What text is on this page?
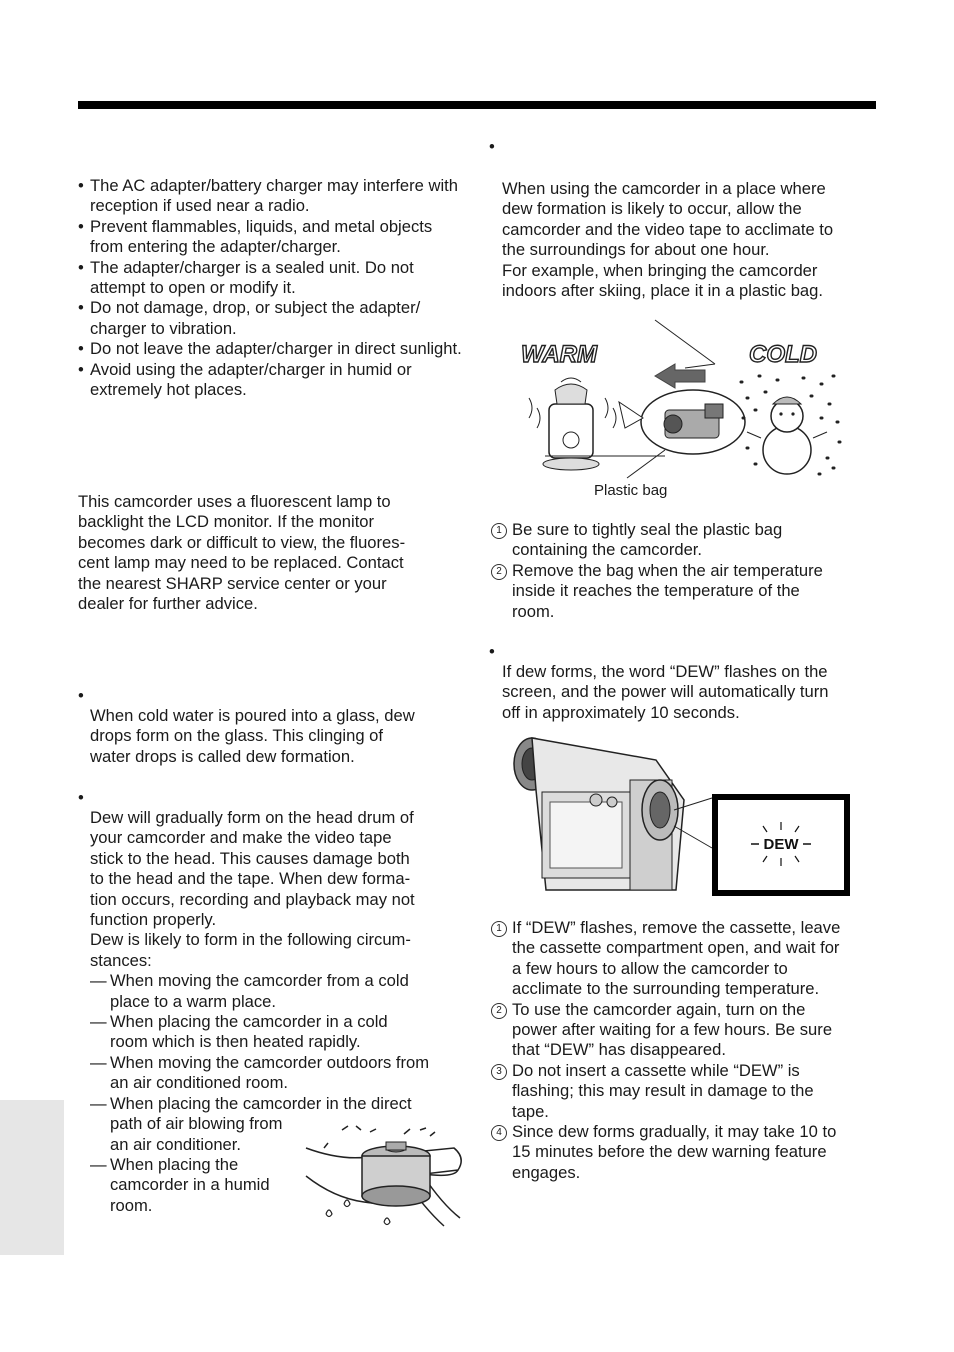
• The AC adapter/battery charger may interfere with reception if used near a radio.
• Prevent flammables, liquids, and metal objects from entering the adapter/charger.
• The adapter/charger is a sealed unit. Do not attempt to open or modify it.
• Do not damage, drop, or subject the adapter/ charger to vibration.
• Do not leave the adapter/charger in direct sunlight.
• Avoid using the adapter/charger in humid or extremely hot places.
This camcorder uses a fluorescent lamp to
backlight the LCD monitor. If the monitor
becomes dark or difficult to view, the fluores-
cent lamp may need to be replaced. Contact
the nearest SHARP service center or your
dealer for further advice.
•
When cold water is poured into a glass, dew
drops form on the glass. This clinging of
water drops is called dew formation.
•
Dew will gradually form on the head drum of
your camcorder and make the video tape
stick to the head. This causes damage both
to the head and the tape. When dew forma-
tion occurs, recording and playback may not
function properly.
Dew is likely to form in the following circum-
stances:
— When moving the camcorder from a cold
place to a warm place.
— When placing the camcorder in a cold
room which is then heated rapidly.
— When moving the camcorder outdoors from
an air conditioned room.
— When placing the camcorder in the direct
path of air blowing from
an air conditioner.
— When placing the
camcorder in a humid
room.
•
When using the camcorder in a place where
dew formation is likely to occur, allow the
camcorder and the video tape to acclimate to
the surroundings for about one hour.
For example, when bringing the camcorder
indoors after skiing, place it in a plastic bag.
WARM	COLD
Plastic bag
1 Be sure to tightly seal the plastic bag
containing the camcorder.
2 Remove the bag when the air temperature
inside it reaches the temperature of the
room.
•
If dew forms, the word “DEW” flashes on the
screen, and the power will automatically turn
off in approximately 10 seconds.
DEW
1 If “DEW” flashes, remove the cassette, leave
the cassette compartment open, and wait for
a few hours to allow the camcorder to
acclimate to the surrounding temperature.
2 To use the camcorder again, turn on the
power after waiting for a few hours. Be sure
that “DEW” has disappeared.
3 Do not insert a cassette while “DEW” is
flashing; this may result in damage to the
tape.
4 Since dew forms gradually, it may take 10 to
15 minutes before the dew warning feature
engages.
